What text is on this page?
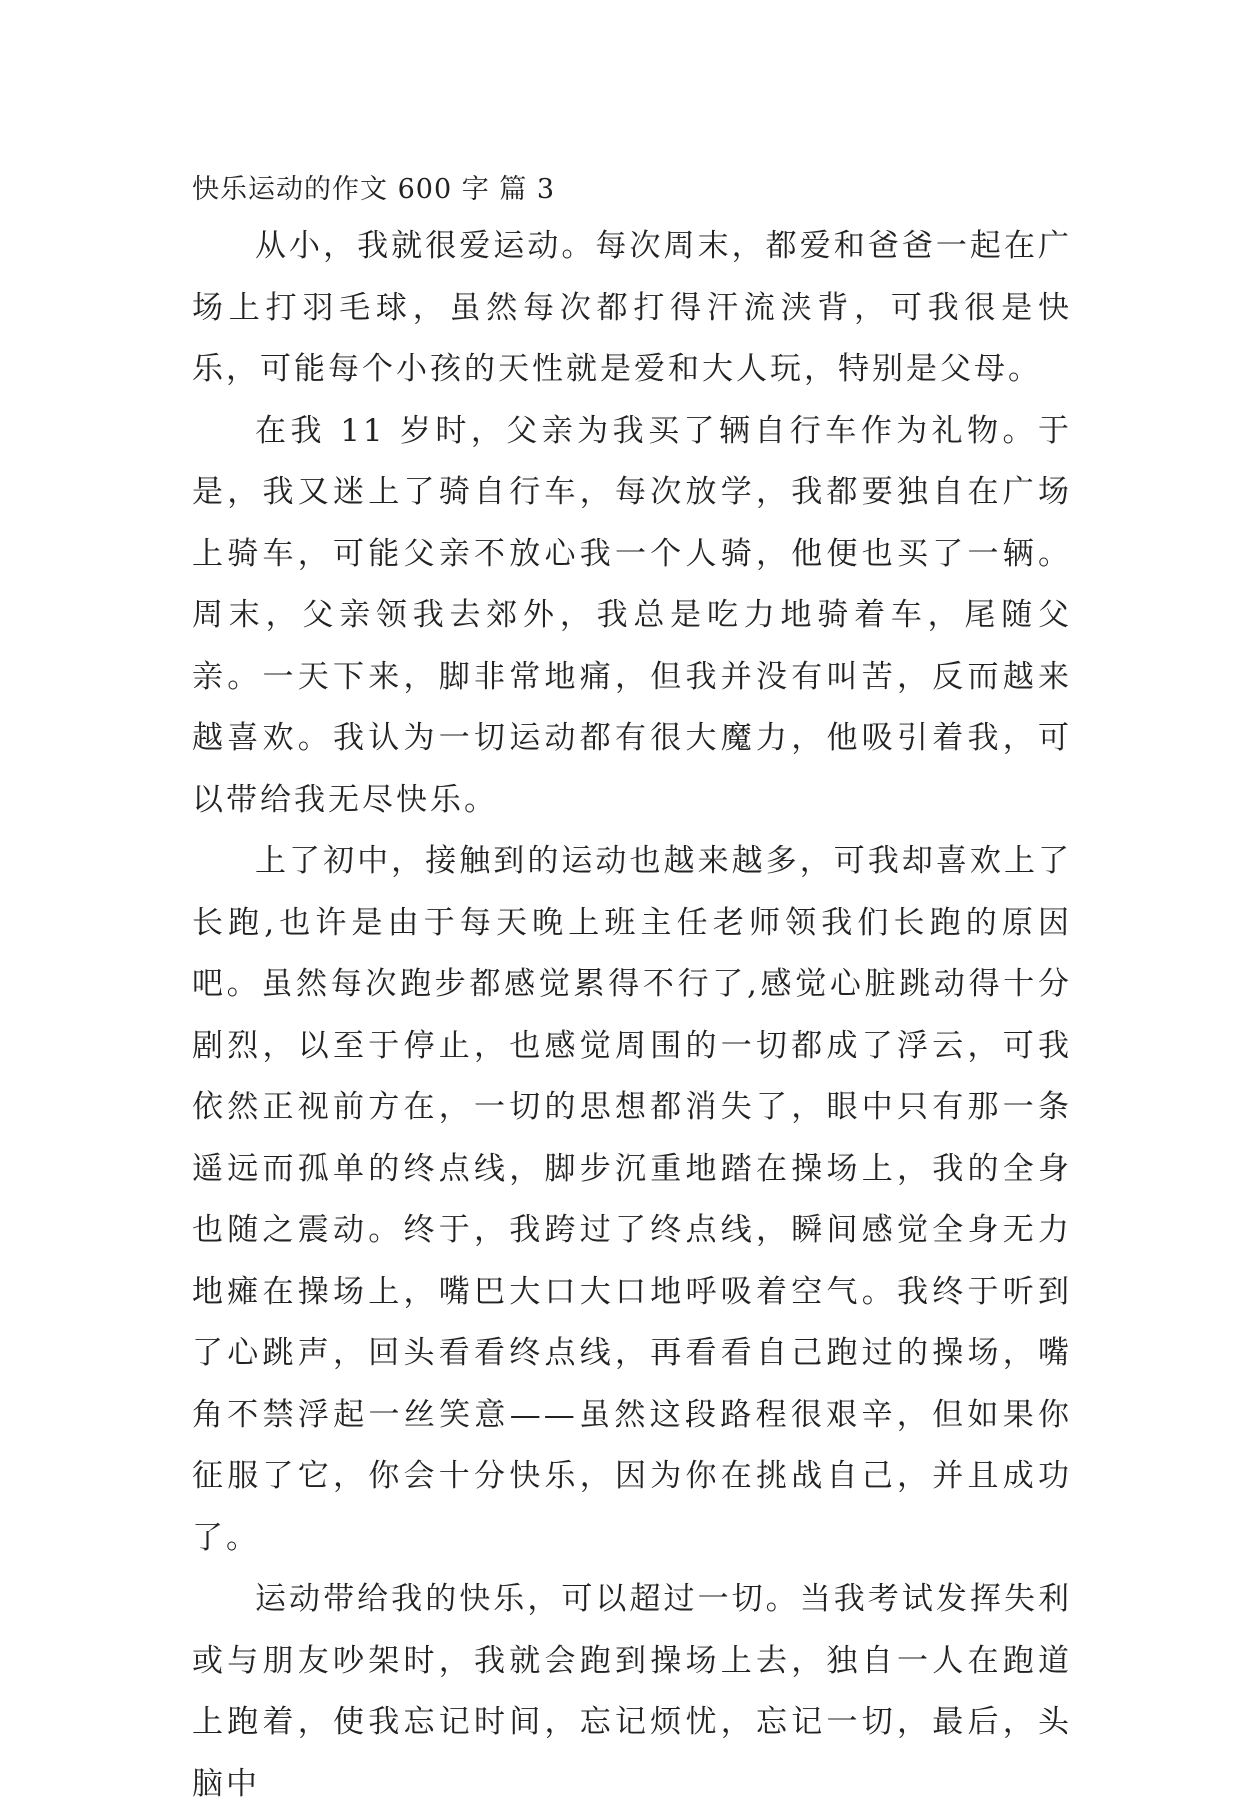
快乐运动的作文 600 字 篇 3

从小，我就很爱运动。每次周末，都爱和爸爸一起在广场上打羽毛球，虽然每次都打得汗流浃背，可我很是快乐，可能每个小孩的天性就是爱和大人玩，特别是父母。

在我 11 岁时，父亲为我买了辆自行车作为礼物。于是，我又迷上了骑自行车，每次放学，我都要独自在广场上骑车，可能父亲不放心我一个人骑，他便也买了一辆。周末，父亲领我去郊外，我总是吃力地骑着车，尾随父亲。一天下来，脚非常地痛，但我并没有叫苦，反而越来越喜欢。我认为一切运动都有很大魔力，他吸引着我，可以带给我无尽快乐。

上了初中，接触到的运动也越来越多，可我却喜欢上了长跑,也许是由于每天晚上班主任老师领我们长跑的原因吧。虽然每次跑步都感觉累得不行了,感觉心脏跳动得十分剧烈，以至于停止，也感觉周围的一切都成了浮云，可我依然正视前方在，一切的思想都消失了，眼中只有那一条遥远而孤单的终点线，脚步沉重地踏在操场上，我的全身也随之震动。终于，我跨过了终点线，瞬间感觉全身无力地瘫在操场上，嘴巴大口大口地呼吸着空气。我终于听到了心跳声，回头看看终点线，再看看自己跑过的操场，嘴角不禁浮起一丝笑意——虽然这段路程很艰辛，但如果你征服了它，你会十分快乐，因为你在挑战自己，并且成功了。

运动带给我的快乐，可以超过一切。当我考试发挥失利或与朋友吵架时，我就会跑到操场上去，独自一人在跑道上跑着，使我忘记时间，忘记烦忧，忘记一切，最后，头脑中
